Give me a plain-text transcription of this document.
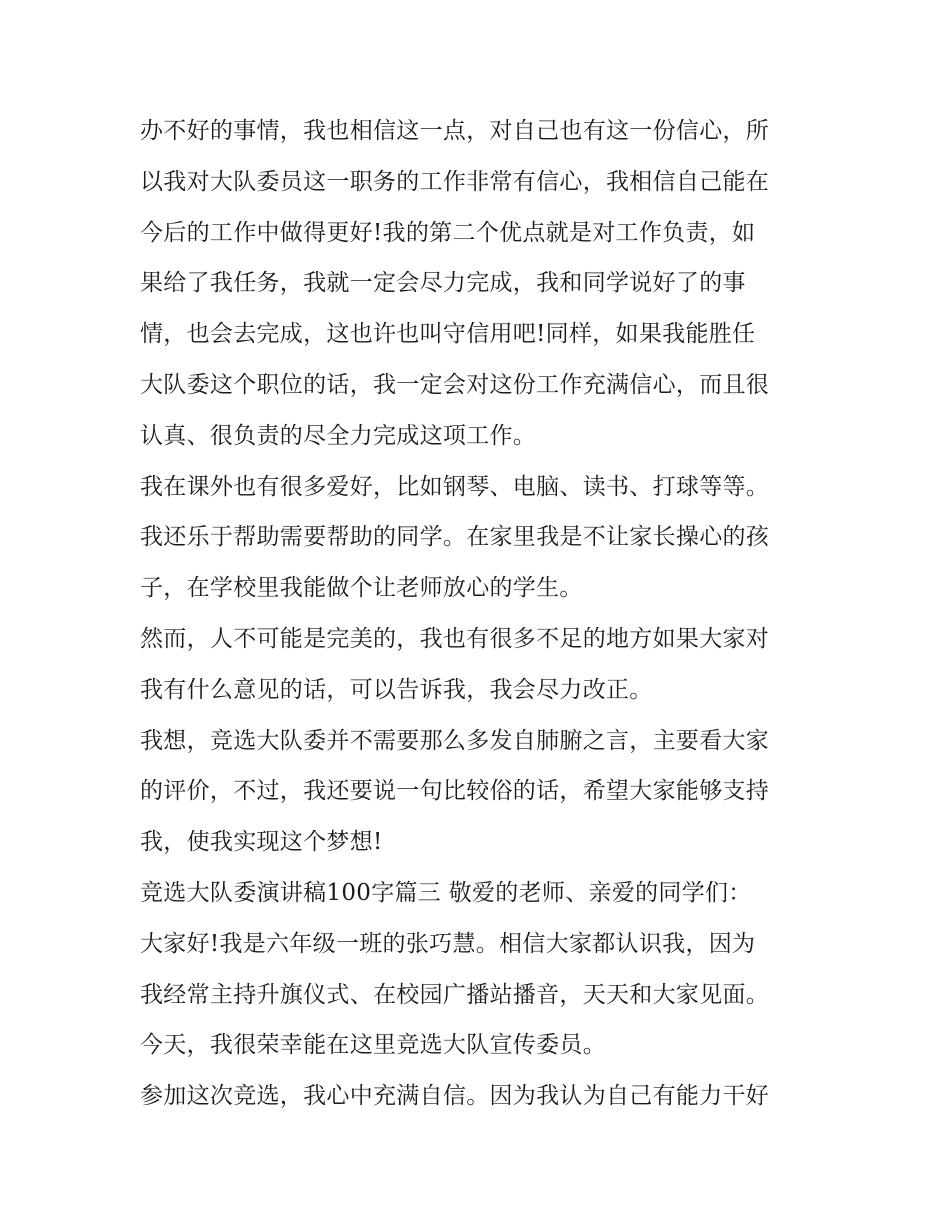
办不好的事情，我也相信这一点，对自己也有这一份信心，所
以我对大队委员这一职务的工作非常有信心，我相信自己能在
今后的工作中做得更好!我的第二个优点就是对工作负责，如
果给了我任务，我就一定会尽力完成，我和同学说好了的事
情，也会去完成，这也许也叫守信用吧!同样，如果我能胜任
大队委这个职位的话，我一定会对这份工作充满信心，而且很
认真、很负责的尽全力完成这项工作。
我在课外也有很多爱好，比如钢琴、电脑、读书、打球等等。
我还乐于帮助需要帮助的同学。在家里我是不让家长操心的孩
子，在学校里我能做个让老师放心的学生。
然而，人不可能是完美的，我也有很多不足的地方如果大家对
我有什么意见的话，可以告诉我，我会尽力改正。
我想，竞选大队委并不需要那么多发自肺腑之言，主要看大家
的评价，不过，我还要说一句比较俗的话，希望大家能够支持
我，使我实现这个梦想!
竞选大队委演讲稿100字篇三 敬爱的老师、亲爱的同学们：
大家好!我是六年级一班的张巧慧。相信大家都认识我，因为
我经常主持升旗仪式、在校园广播站播音，天天和大家见面。
今天，我很荣幸能在这里竞选大队宣传委员。
参加这次竞选，我心中充满自信。因为我认为自己有能力干好
